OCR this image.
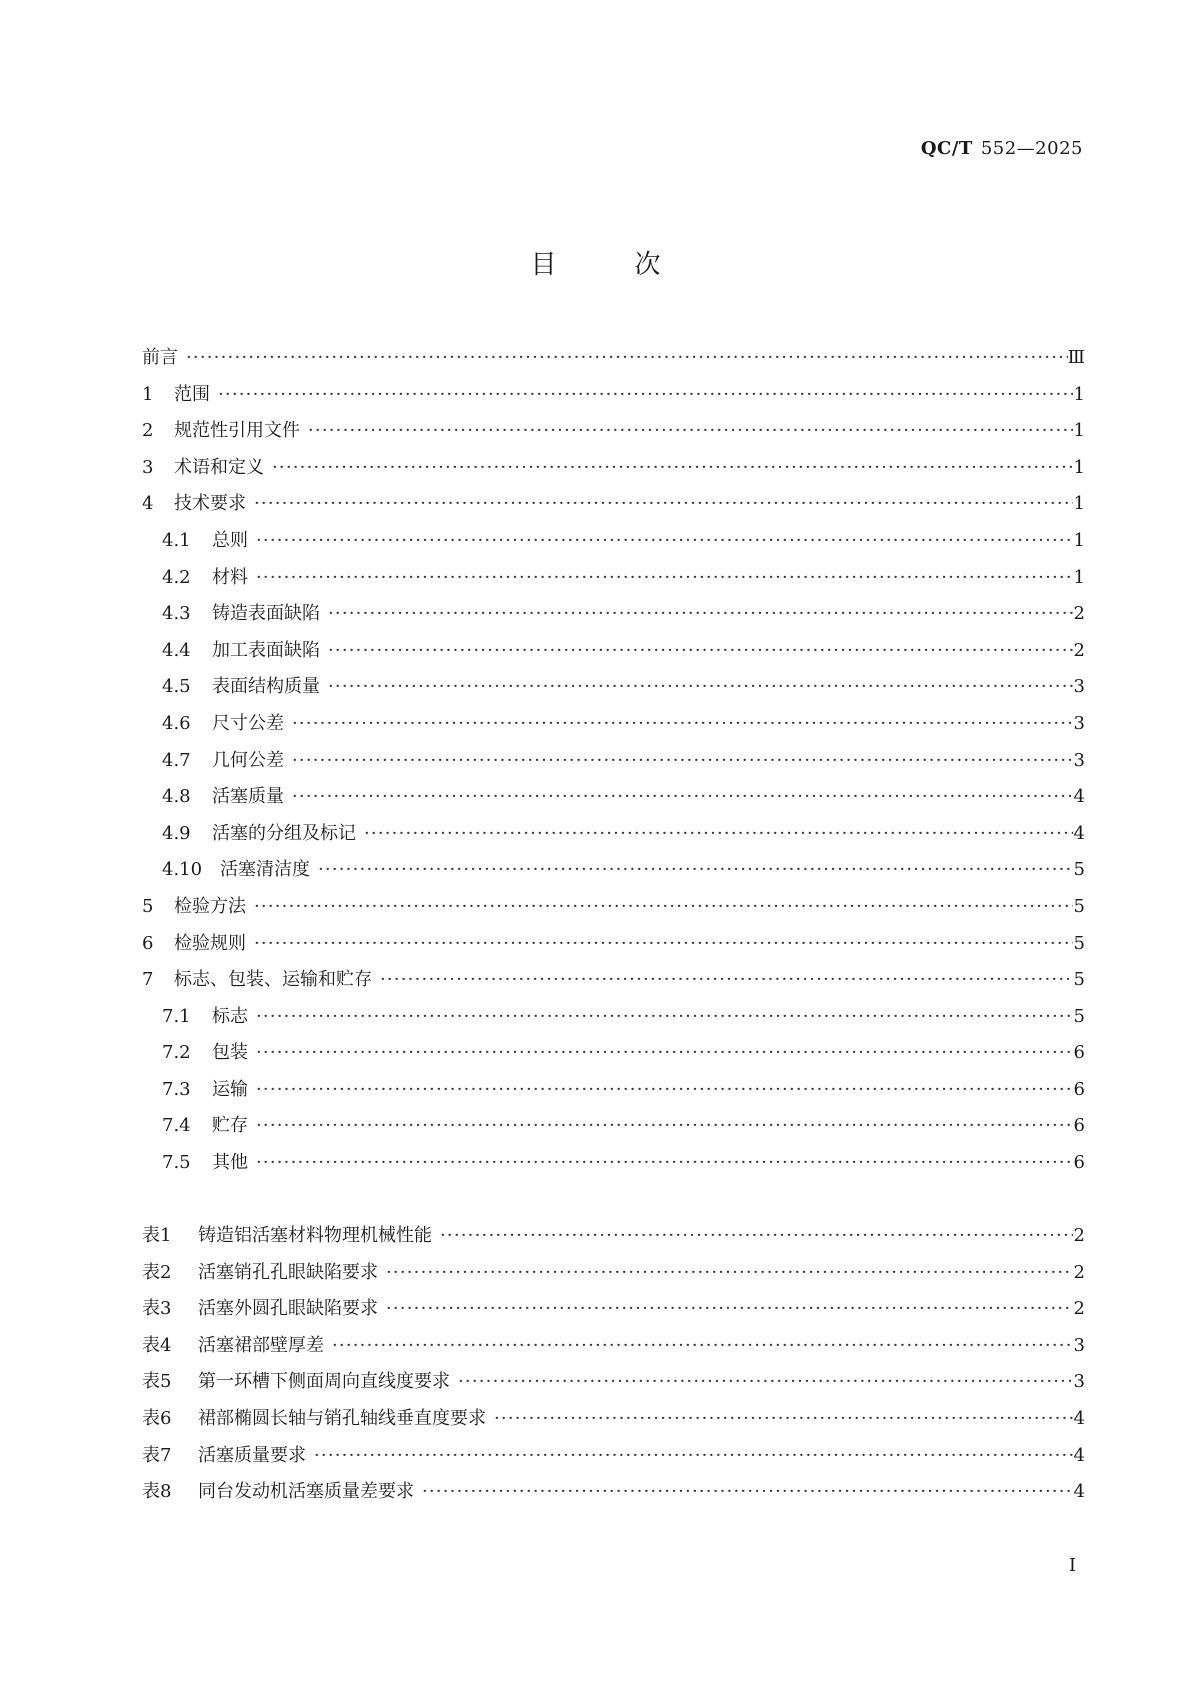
QC/T 552—2025
目	次
前言 ·····	Ⅲ
1	范围 ·····	1
2	规范性引用文件 ·····	1
3	术语和定义 ·····	1
4	技术要求 ·····	1
4.1	总则 ·····	1
4.2	材料 ·····	1
4.3	铸造表面缺陷 ·····	2
4.4	加工表面缺陷 ·····	2
4.5	表面结构质量 ·····	3
4.6	尺寸公差 ·····	3
4.7	几何公差 ·····	3
4.8	活塞质量 ·····	4
4.9	活塞的分组及标记 ·····	4
4.10 活塞清洁度 ·····	5
5	检验方法 ·····	5
6	检验规则 ·····	5
7	标志、包装、运输和贮存 ·····	5
7.1	标志 ·····	5
7.2	包装 ·····	6
7.3	运输 ·····	6
7.4	贮存 ·····	6
7.5	其他 ·····	6
表1	铸造铝活塞材料物理机械性能 ·····	2
表2	活塞销孔孔眼缺陷要求 ·····	2
表3	活塞外圆孔眼缺陷要求 ·····	2
表4	活塞裙部壁厚差 ·····	3
表5	第一环槽下侧面周向直线度要求 ·····	3
表6	裙部椭圆长轴与销孔轴线垂直度要求 ·····	4
表7	活塞质量要求 ·····	4
表8	同台发动机活塞质量差要求 ·····	4
I
